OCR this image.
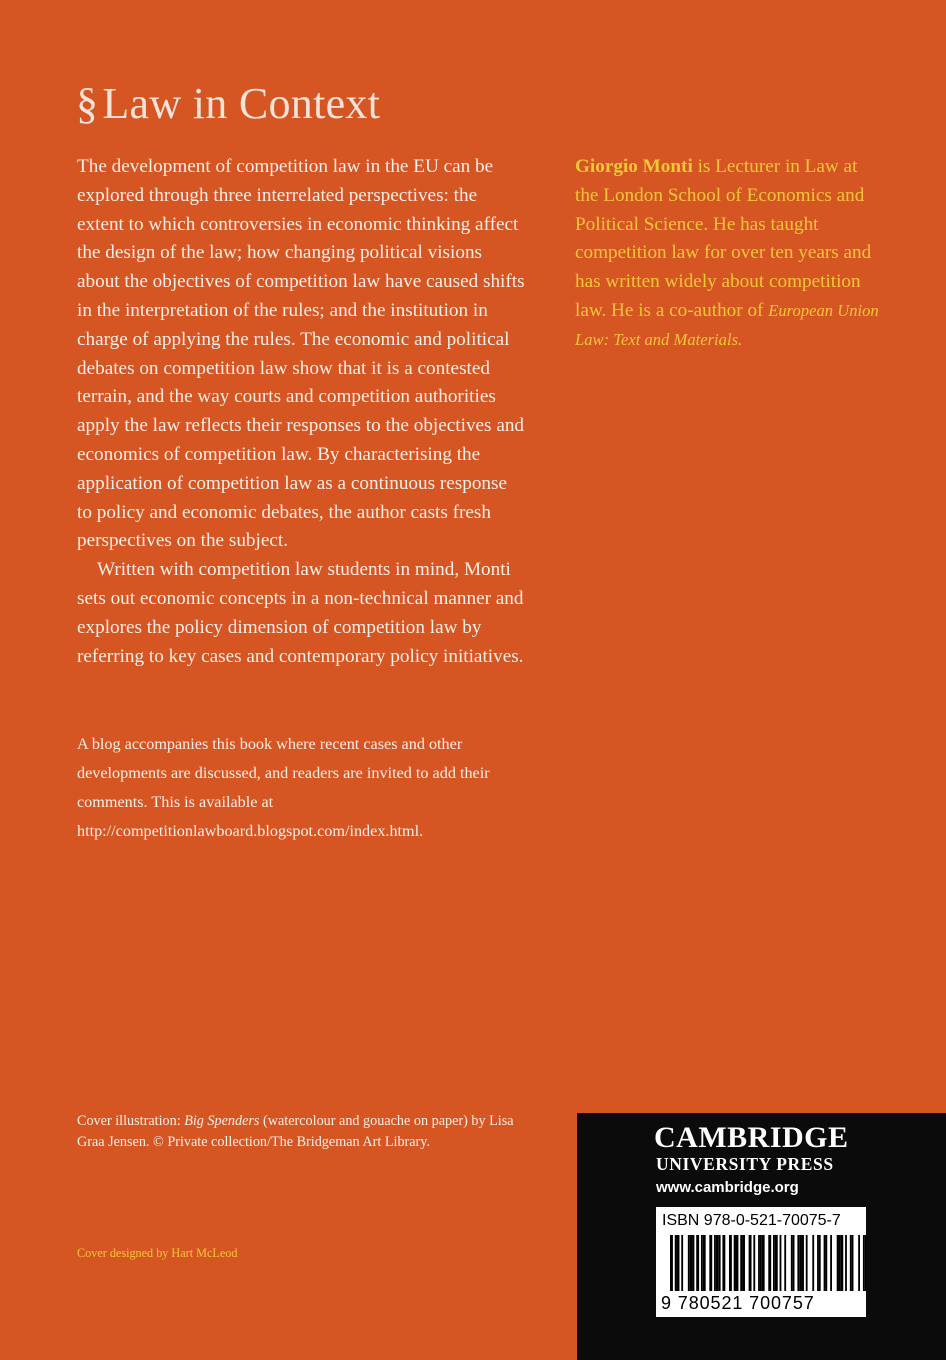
§Law in Context

The development of competition law in the EU can be explored through three interrelated perspectives: the extent to which controversies in economic thinking affect the design of the law; how changing political visions about the objectives of competition law have caused shifts in the interpretation of the rules; and the institution in charge of applying the rules. The economic and political debates on competition law show that it is a contested terrain, and the way courts and competition authorities apply the law reflects their responses to the objectives and economics of competition law. By characterising the application of competition law as a continuous response to policy and economic debates, the author casts fresh perspectives on the subject.

Written with competition law students in mind, Monti sets out economic concepts in a non-technical manner and explores the policy dimension of competition law by referring to key cases and contemporary policy initiatives.

A blog accompanies this book where recent cases and other developments are discussed, and readers are invited to add their comments. This is available at http://competitionlawboard.blogspot.com/index.html.

Giorgio Monti is Lecturer in Law at the London School of Economics and Political Science. He has taught competition law for over ten years and has written widely about competition law. He is a co-author of European Union Law: Text and Materials.

Cover illustration: Big Spenders (watercolour and gouache on paper) by Lisa Graa Jensen. © Private collection/The Bridgeman Art Library.

Cover designed by Hart McLeod

CAMBRIDGE

UNIVERSITY PRESS

www.cambridge.org

ISBN 978-0-521-70075-7

9 780521 700757
